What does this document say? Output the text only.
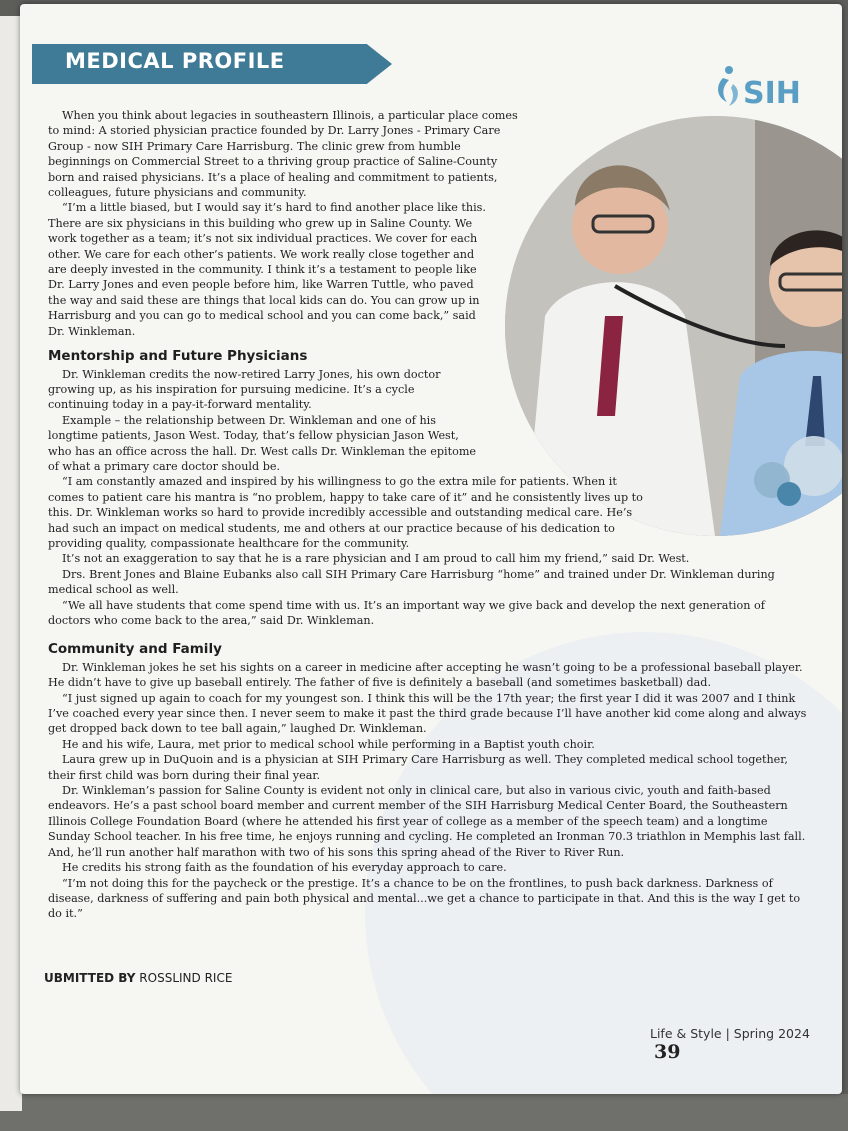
MEDICAL PROFILE
SIH

When you think about legacies in southeastern Illinois, a particular place comes to mind: A storied physician practice founded by Dr. Larry Jones - Primary Care Group - now SIH Primary Care Harrisburg. The clinic grew from humble beginnings on Commercial Street to a thriving group practice of Saline-County born and raised physicians. It’s a place of healing and commitment to patients, colleagues, future physicians and community.

“I’m a little biased, but I would say it’s hard to find another place like this. There are six physicians in this building who grew up in Saline County. We work together as a team; it’s not six individual practices. We cover for each other. We care for each other’s patients. We work really close together and are deeply invested in the community. I think it’s a testament to people like Dr. Larry Jones and even people before him, like Warren Tuttle, who paved the way and said these are things that local kids can do. You can grow up in Harrisburg and you can go to medical school and you can come back,” said Dr. Winkleman.

Mentorship and Future Physicians

Dr. Winkleman credits the now-retired Larry Jones, his own doctor growing up, as his inspiration for pursuing medicine. It’s a cycle continuing today in a pay-it-forward mentality.

Example – the relationship between Dr. Winkleman and one of his longtime patients, Jason West. Today, that’s fellow physician Jason West, who has an office across the hall. Dr. West calls Dr. Winkleman the epitome of what a primary care doctor should be.

“I am constantly amazed and inspired by his willingness to go the extra mile for patients. When it comes to patient care his mantra is “no problem, happy to take care of it” and he consistently lives up to this. Dr. Winkleman works so hard to provide incredibly accessible and outstanding medical care. He’s had such an impact on medical students, me and others at our practice because of his dedication to providing quality, compassionate healthcare for the community.

It’s not an exaggeration to say that he is a rare physician and I am proud to call him my friend,” said Dr. West.

Drs. Brent Jones and Blaine Eubanks also call SIH Primary Care Harrisburg “home” and trained under Dr. Winkleman during medical school as well.

“We all have students that come spend time with us. It’s an important way we give back and develop the next generation of doctors who come back to the area,” said Dr. Winkleman.

Community and Family

Dr. Winkleman jokes he set his sights on a career in medicine after accepting he wasn’t going to be a professional baseball player. He didn’t have to give up baseball entirely. The father of five is definitely a baseball (and sometimes basketball) dad.

“I just signed up again to coach for my youngest son. I think this will be the 17th year; the first year I did it was 2007 and I think I’ve coached every year since then. I never seem to make it past the third grade because I’ll have another kid come along and always get dropped back down to tee ball again,” laughed Dr. Winkleman.

He and his wife, Laura, met prior to medical school while performing in a Baptist youth choir.

Laura grew up in DuQuoin and is a physician at SIH Primary Care Harrisburg as well. They completed medical school together, their first child was born during their final year.

Dr. Winkleman’s passion for Saline County is evident not only in clinical care, but also in various civic, youth and faith-based endeavors. He’s a past school board member and current member of the SIH Harrisburg Medical Center Board, the Southeastern Illinois College Foundation Board (where he attended his first year of college as a member of the speech team) and a longtime Sunday School teacher. In his free time, he enjoys running and cycling. He completed an Ironman 70.3 triathlon in Memphis last fall. And, he’ll run another half marathon with two of his sons this spring ahead of the River to River Run.

He credits his strong faith as the foundation of his everyday approach to care.

“I’m not doing this for the paycheck or the prestige. It’s a chance to be on the frontlines, to push back darkness. Darkness of disease, darkness of suffering and pain both physical and mental...we get a chance to participate in that. And this is the way I get to do it.”

UBMITTED BY ROSSLIND RICE
Life & Style | Spring 2024 39
